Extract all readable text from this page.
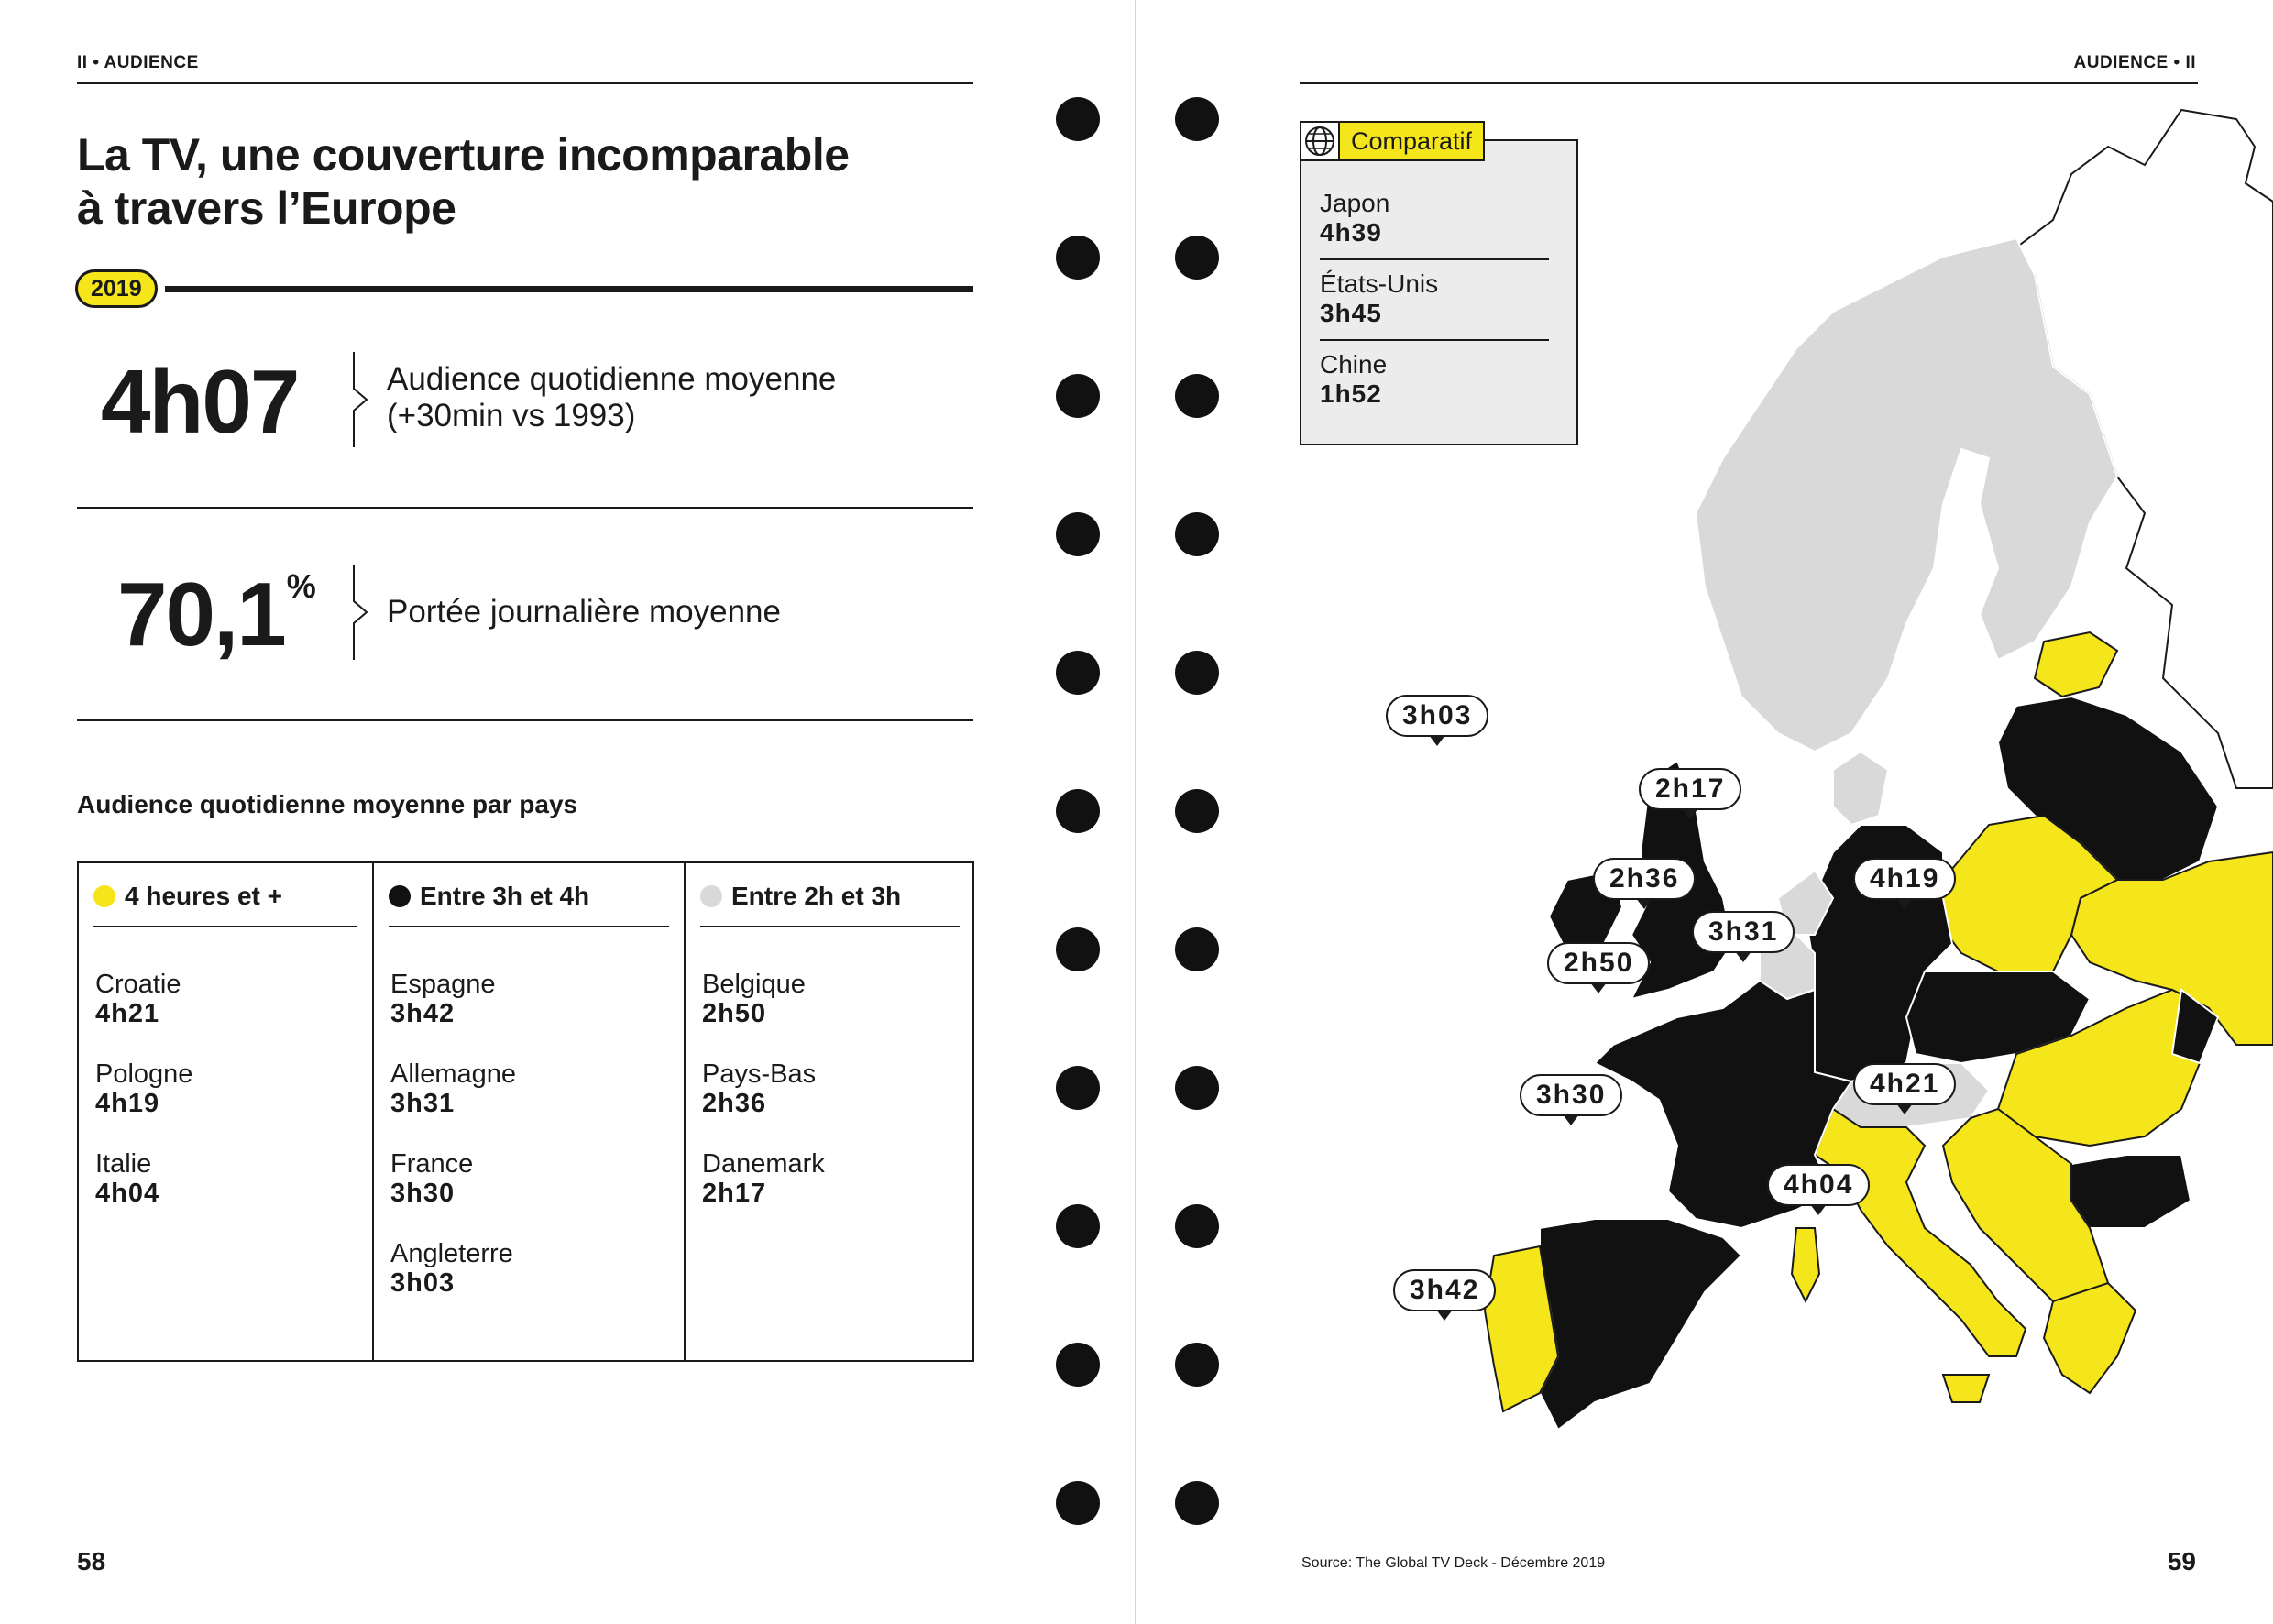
II • AUDIENCE
La TV, une couverture incomparable
à travers l’Europe
2019
4h07	Audience quotidienne moyenne
(+30min vs 1993)
70,1%
Portée journalière moyenne
Audience quotidienne moyenne par pays
4 heures et +
Croatie
4h21
Pologne
4h19
Italie
4h04
Entre 3h et 4h
Espagne
3h42
Allemagne
3h31
France
3h30
Angleterre
3h03
Entre 2h et 3h
Belgique
2h50
Pays-Bas
2h36
Danemark
2h17
58
AUDIENCE • II
3h03
2h17
2h36
2h50
3h31
4h19
3h30	4h21
4h04
3h42
Japon
4h39
États-Unis
3h45
Chine
1h52
Comparatif
Source: The Global TV Deck - Décembre 2019	59
